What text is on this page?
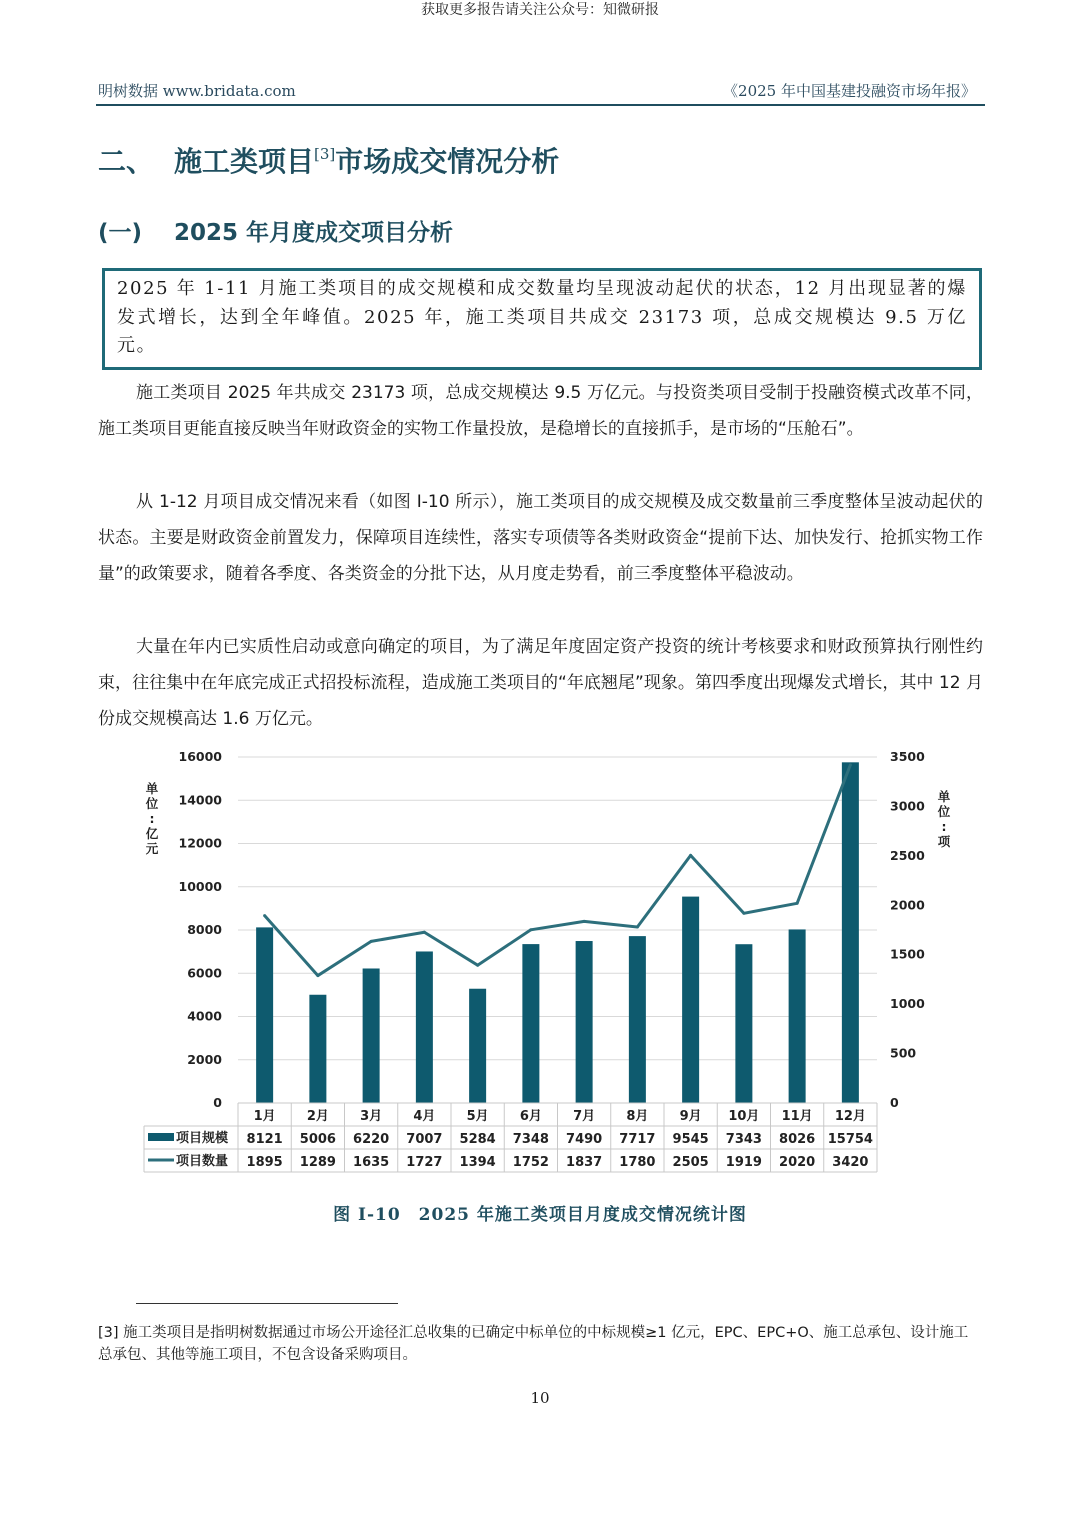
获取更多报告请关注公众号：知微研报
明树数据 www.bridata.com	《2025 年中国基建投融资市场年报》
二、 施工类项目[3]市场成交情况分析
(一) 2025 年月度成交项目分析
2025 年 1-11 月施工类项目的成交规模和成交数量均呈现波动起伏的状态，12 月出现显著的爆发式增长，达到全年峰值。2025 年，施工类项目共成交 23173 项，总成交规模达 9.5 万亿元。

施工类项目 2025 年共成交 23173 项，总成交规模达 9.5 万亿元。与投资类项目受制于投融资模式改革不同，施工类项目更能直接反映当年财政资金的实物工作量投放，是稳增长的直接抓手，是市场的“压舱石”。

从 1-12 月项目成交情况来看（如图 I-10 所示），施工类项目的成交规模及成交数量前三季度整体呈波动起伏的状态。主要是财政资金前置发力，保障项目连续性，落实专项债等各类财政资金“提前下达、加快发行、抢抓实物工作量”的政策要求，随着各季度、各类资金的分批下达，从月度走势看，前三季度整体平稳波动。

大量在年内已实质性启动或意向确定的项目，为了满足年度固定资产投资的统计考核要求和财政预算执行刚性约束，往往集中在年底完成正式招投标流程，造成施工类项目的“年底翘尾”现象。第四季度出现爆发式增长，其中 12 月份成交规模高达 1.6 万亿元。

0
2000
4000
6000
8000
10000
12000
14000
16000
0
500
1000
1500
2000
2500
3000
3500
单
位
:
亿
元
单
位
:
项
1月 2月 3月 4月 5月 6月 7月 8月 9月 10月 11月 12月
项目规模
项目数量
8121 5006 6220 7007 5284 7348 7490 7717 9545 7343 8026 15754
1895 1289 1635 1727 1394 1752 1837 1780 2505 1919 2020 3420
图 I-10　2025 年施工类项目月度成交情况统计图
[3] 施工类项目是指明树数据通过市场公开途径汇总收集的已确定中标单位的中标规模≥1 亿元，EPC、EPC+O、施工总承包、设计施工总承包、其他等施工项目，不包含设备采购项目。
10
